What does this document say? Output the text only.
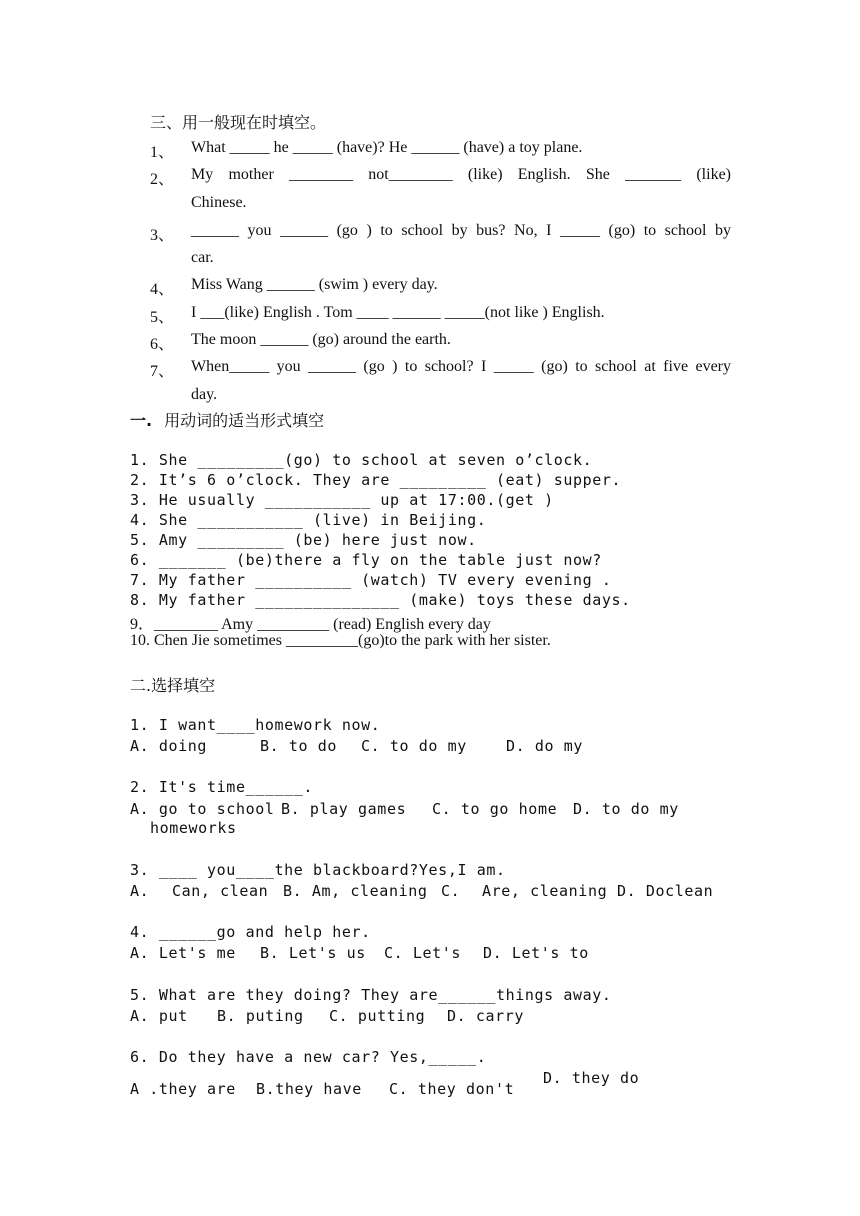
三、用一般现在时填空。
1、 What _____ he _____ (have)? He ______ (have) a toy plane.
2、 My mother ________ not________ (like) English. She _______ (like)
Chinese.
3、 ______ you ______ (go ) to school by bus? No, I _____ (go) to school by
car.
4、 Miss Wang ______ (swim ) every day.
5、 I ___(like) English . Tom ____ ______ _____(not like ) English.
6、 The moon ______ (go) around the earth.
7、 When_____ you ______ (go ) to school? I _____ (go) to school at five every
day.
一. 用动词的适当形式填空
1. She _________(go) to school at seven o’clock.
2. It’s 6 o’clock. They are _________ (eat) supper.
3. He usually ___________ up at 17:00.(get )
4. She ___________ (live) in Beijing.
5. Amy _________ (be) here just now.
6. _______ (be)there a fly on the table just now?
7. My father __________ (watch) TV every evening .
8. My father _______________ (make) toys these days.
9．________ Amy _________ (read) English every day
10. Chen Jie sometimes _________(go)to the park with her sister.
二.选择填空
1. I want____homework now.
A. doing	B. to do C. to do my	D. do my
2. It's time______.
A. go to school B. play games C. to go home D. to do my
homeworks
3. ____ you____the blackboard?Yes,I am.
A. Can, clean B. Am, cleaning C. Are, cleaning D. Doclean
4. ______go and help her.
A. Let's me B. Let's us C. Let's D. Let's to
5. What are they doing? They are______things away.
A. put B. puting C. putting D. carry
6. Do they have a new car? Yes,_____.
A .they are B.they have C. they don't
D. they do
